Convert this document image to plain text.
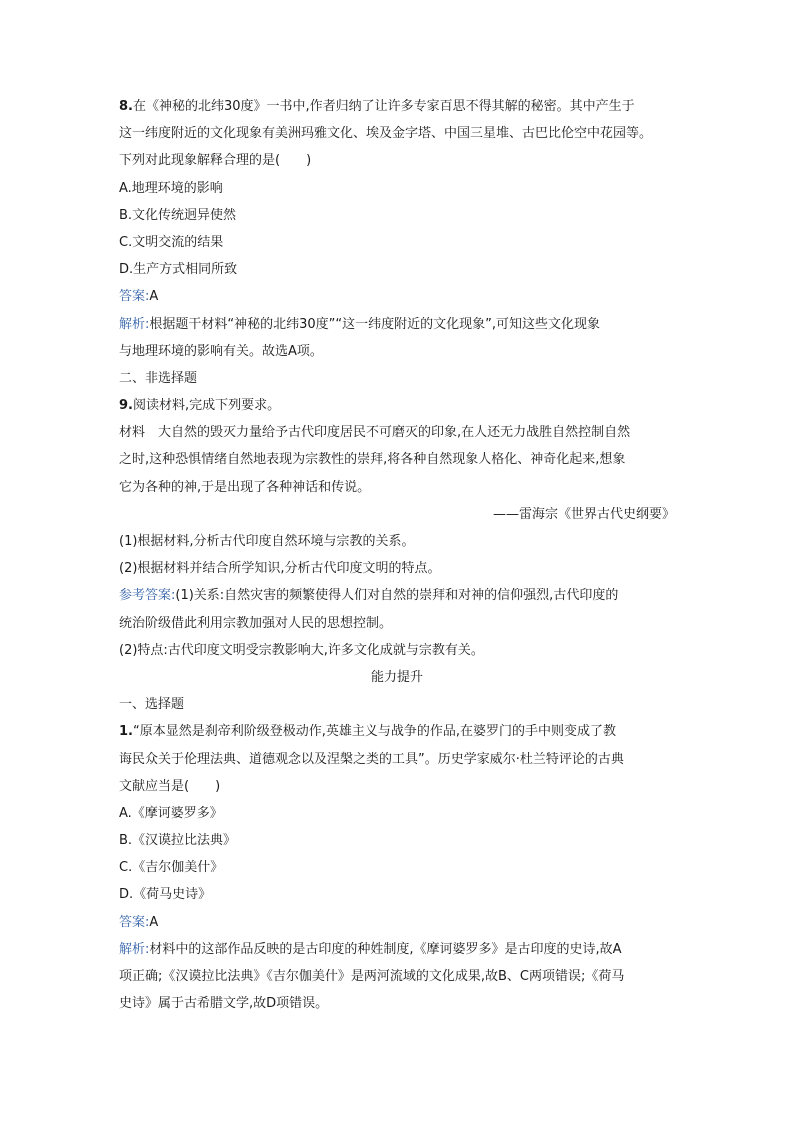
8.在《神秘的北纬30度》一书中,作者归纳了让许多专家百思不得其解的秘密。其中产生于
这一纬度附近的文化现象有美洲玛雅文化、埃及金字塔、中国三星堆、古巴比伦空中花园等。
下列对此现象解释合理的是(　　)
A.地理环境的影响
B.文化传统迥异使然
C.文明交流的结果
D.生产方式相同所致
答案:A
解析:根据题干材料“神秘的北纬30度”“这一纬度附近的文化现象”,可知这些文化现象
与地理环境的影响有关。故选A项。
二、非选择题
9.阅读材料,完成下列要求。
材料　大自然的毁灭力量给予古代印度居民不可磨灭的印象,在人还无力战胜自然控制自然
之时,这种恐惧情绪自然地表现为宗教性的崇拜,将各种自然现象人格化、神奇化起来,想象
它为各种的神,于是出现了各种神话和传说。
——雷海宗《世界古代史纲要》
(1)根据材料,分析古代印度自然环境与宗教的关系。
(2)根据材料并结合所学知识,分析古代印度文明的特点。
参考答案:(1)关系:自然灾害的频繁使得人们对自然的崇拜和对神的信仰强烈,古代印度的
统治阶级借此利用宗教加强对人民的思想控制。
(2)特点:古代印度文明受宗教影响大,许多文化成就与宗教有关。
能力提升
一、选择题
1.“原本显然是刹帝利阶级登极动作,英雄主义与战争的作品,在婆罗门的手中则变成了教
诲民众关于伦理法典、道德观念以及涅槃之类的工具”。历史学家威尔·杜兰特评论的古典
文献应当是(　　)
A.《摩诃婆罗多》
B.《汉谟拉比法典》
C.《吉尔伽美什》
D.《荷马史诗》
答案:A
解析:材料中的这部作品反映的是古印度的种姓制度,《摩诃婆罗多》是古印度的史诗,故A
项正确;《汉谟拉比法典》《吉尔伽美什》是两河流域的文化成果,故B、C两项错误;《荷马
史诗》属于古希腊文学,故D项错误。
